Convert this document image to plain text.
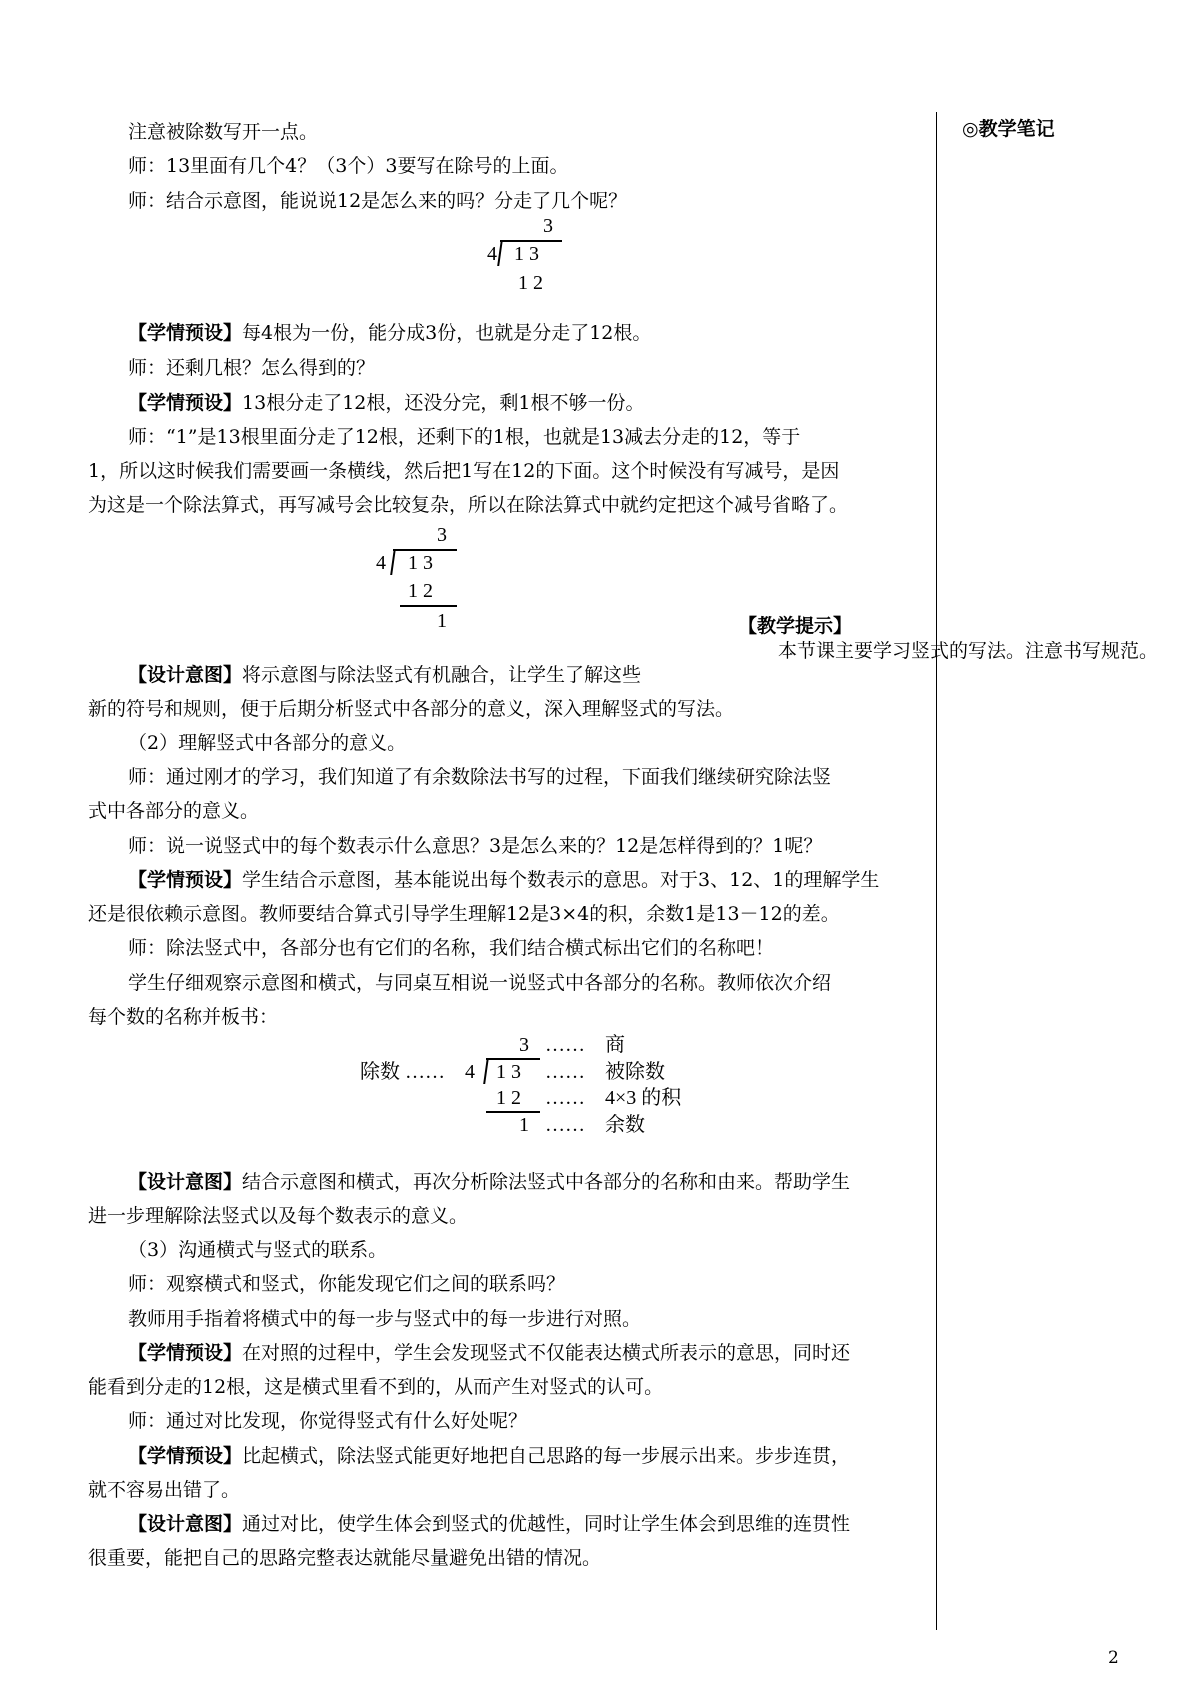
◎教学笔记
【教学提示】
本节课主要学习竖式的写法。注意书写规范。
注意被除数写开一点。
师：13里面有几个4？（3个）3要写在除号的上面。
师：结合示意图，能说说12是怎么来的吗？分走了几个呢？
3
4 1 3
1 2
【学情预设】每4根为一份，能分成3份，也就是分走了12根。
师：还剩几根？怎么得到的？
【学情预设】13根分走了12根，还没分完，剩1根不够一份。
师：“1”是13根里面分走了12根，还剩下的1根，也就是13减去分走的12，等于
1，所以这时候我们需要画一条横线，然后把1写在12的下面。这个时候没有写减号，是因
为这是一个除法算式，再写减号会比较复杂，所以在除法算式中就约定把这个减号省略了。
3
4 1 3
1 2
1
【设计意图】将示意图与除法竖式有机融合，让学生了解这些
新的符号和规则，便于后期分析竖式中各部分的意义，深入理解竖式的写法。
（2）理解竖式中各部分的意义。
师：通过刚才的学习，我们知道了有余数除法书写的过程，下面我们继续研究除法竖
式中各部分的意义。
师：说一说竖式中的每个数表示什么意思？3是怎么来的？12是怎样得到的？1呢？
【学情预设】学生结合示意图，基本能说出每个数表示的意思。对于3、12、1的理解学生
还是很依赖示意图。教师要结合算式引导学生理解12是3×4的积，余数1是13－12的差。
师：除法竖式中，各部分也有它们的名称，我们结合横式标出它们的名称吧！
学生仔细观察示意图和横式，与同桌互相说一说竖式中各部分的名称。教师依次介绍
每个数的名称并板书：
3 …… 商
除数 …… 4 1 3 …… 被除数
1 2 …… 4×3 的积
1 …… 余数
【设计意图】结合示意图和横式，再次分析除法竖式中各部分的名称和由来。帮助学生
进一步理解除法竖式以及每个数表示的意义。
（3）沟通横式与竖式的联系。
师：观察横式和竖式，你能发现它们之间的联系吗？
教师用手指着将横式中的每一步与竖式中的每一步进行对照。
【学情预设】在对照的过程中，学生会发现竖式不仅能表达横式所表示的意思，同时还
能看到分走的12根，这是横式里看不到的，从而产生对竖式的认可。
师：通过对比发现，你觉得竖式有什么好处呢？
【学情预设】比起横式，除法竖式能更好地把自己思路的每一步展示出来。步步连贯，
就不容易出错了。
【设计意图】通过对比，使学生体会到竖式的优越性，同时让学生体会到思维的连贯性
很重要，能把自己的思路完整表达就能尽量避免出错的情况。
2
